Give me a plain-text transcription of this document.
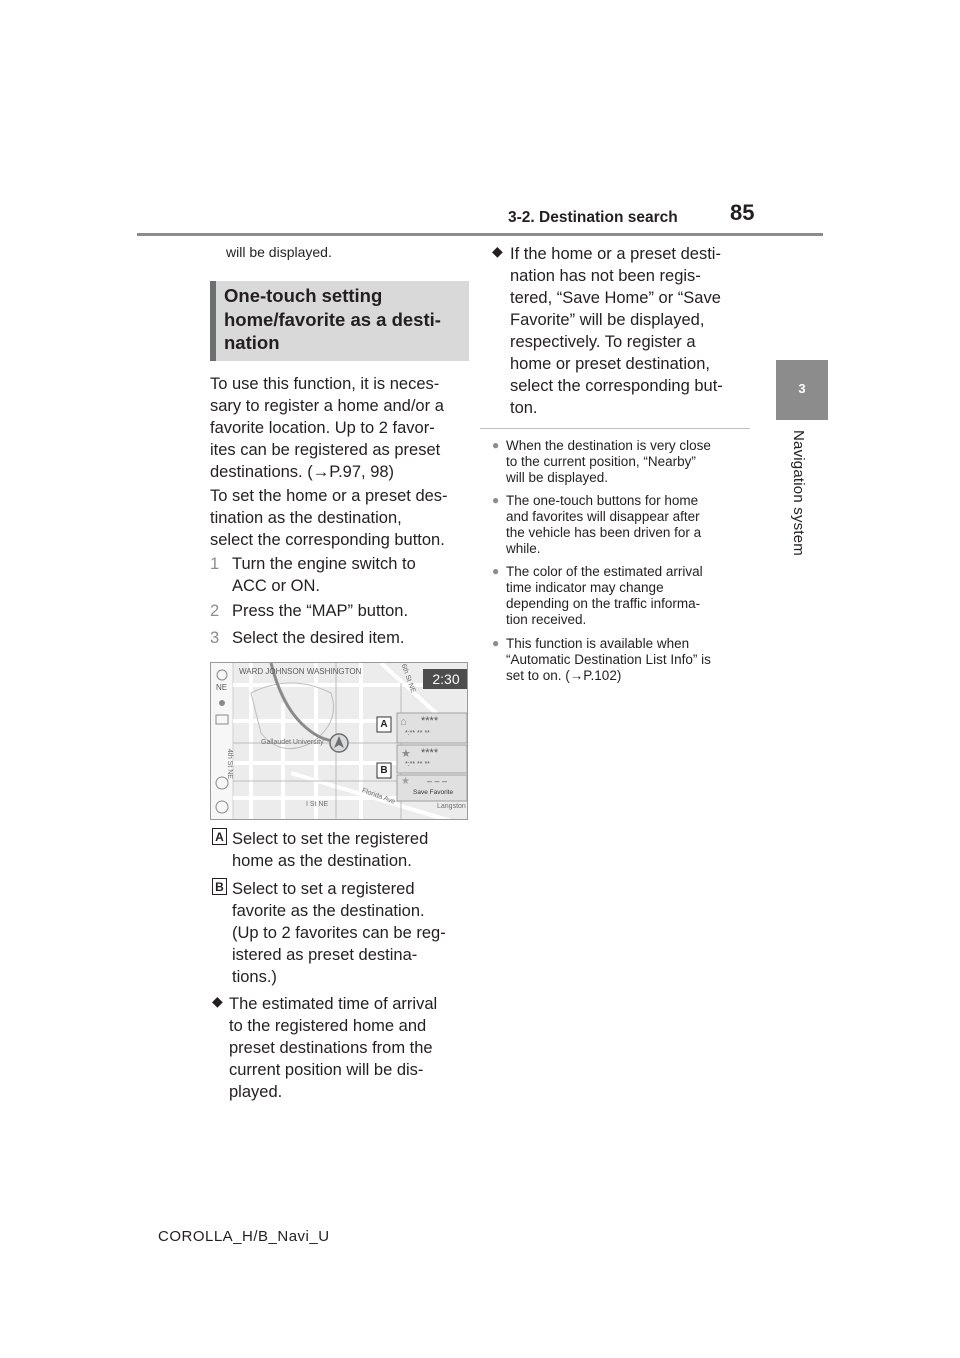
3-2. Destination search 85
3
Navigation system
will be displayed.
One-touch setting
home/favorite as a desti-
nation
To use this function, it is neces-
sary to register a home and/or a
favorite location. Up to 2 favor-
ites can be registered as preset
destinations. (→P.97, 98)
To set the home or a preset des-
tination as the destination,
select the corresponding button.
1 Turn the engine switch to
ACC or ON.
2 Press the “MAP” button.
3 Select the desired item.
WARD JOHNSON WASHINGTON	2:30
NE
Gallaudet University
4th St NE
I St NE	Florida Ave
Langston
6th St NE
⌂ ****
*:** ** **
★ ****
*:** ** **
★ – – –
Save Favorite
A
B
A Select to set the registered
home as the destination.
B Select to set a registered
favorite as the destination.
(Up to 2 favorites can be reg-
istered as preset destina-
tions.)
◆ The estimated time of arrival
to the registered home and
preset destinations from the
current position will be dis-
played.
◆ If the home or a preset desti-
nation has not been regis-
tered, “Save Home” or “Save
Favorite” will be displayed,
respectively. To register a
home or preset destination,
select the corresponding but-
ton.
● When the destination is very close
to the current position, “Nearby”
will be displayed.
● The one-touch buttons for home
and favorites will disappear after
the vehicle has been driven for a
while.
● The color of the estimated arrival
time indicator may change
depending on the traffic informa-
tion received.
● This function is available when
“Automatic Destination List Info” is
set to on. (→P.102)
COROLLA_H/B_Navi_U
